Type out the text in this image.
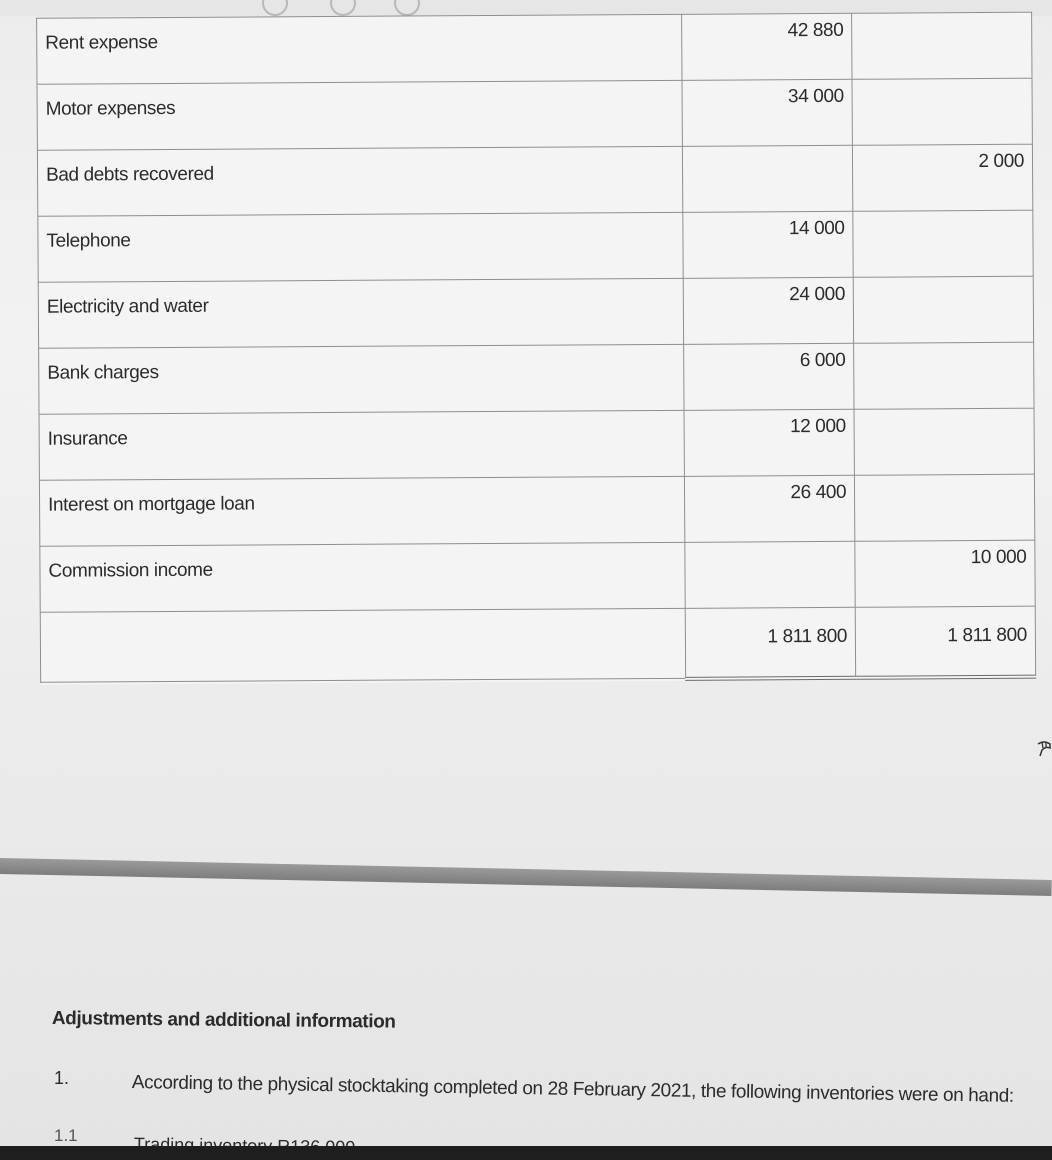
Rent expense	42 880	
Motor expenses	34 000	
Bad debts recovered		2 000
Telephone	14 000	
Electricity and water	24 000	
Bank charges	6 000	
Insurance	12 000	
Interest on mortgage loan	26 400	
Commission income		10 000
	1 811 800	1 811 800
Adjustments and additional information
1.	According to the physical stocktaking completed on 28 February 2021, the following inventories were on hand:
1.1
